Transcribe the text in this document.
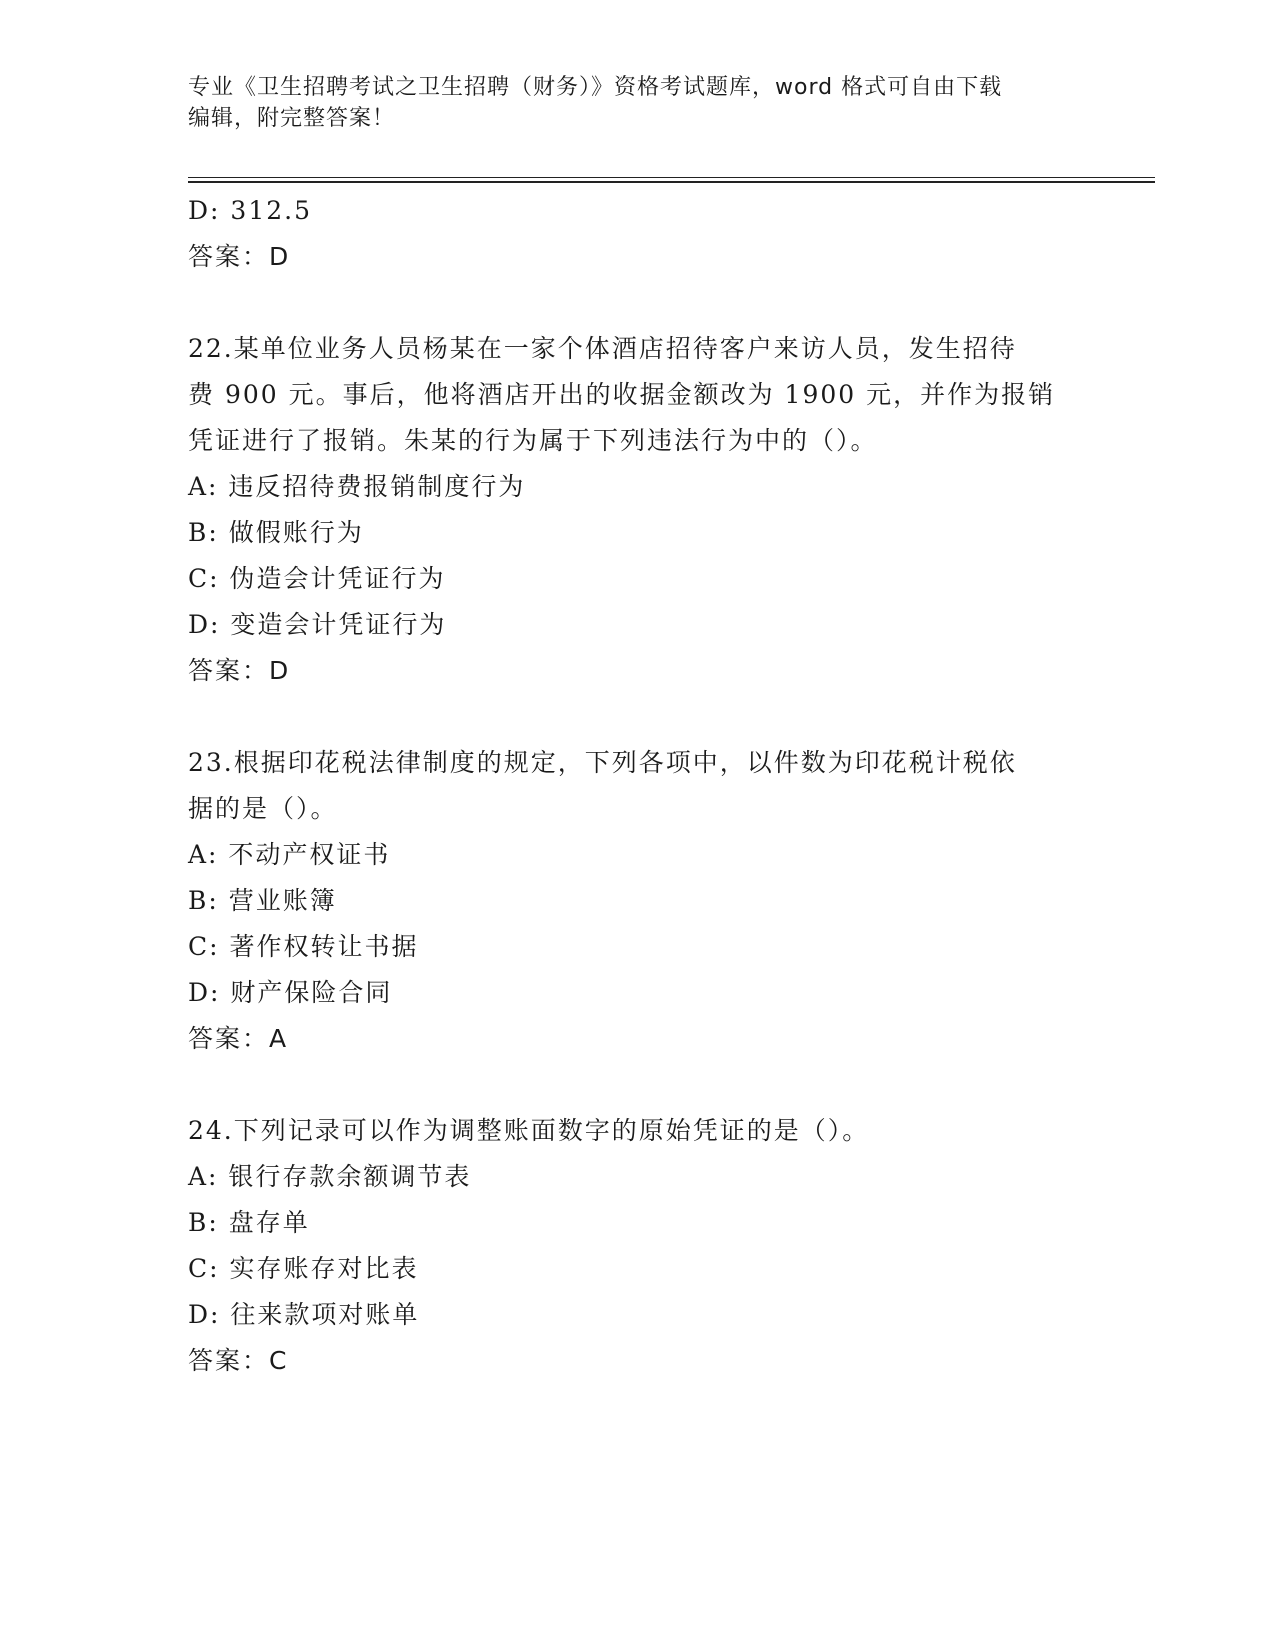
专业《卫生招聘考试之卫生招聘（财务）》资格考试题库，word 格式可自由下载
编辑，附完整答案！
D: 312.5
答案：D
22.某单位业务人员杨某在一家个体酒店招待客户来访人员，发生招待
费 900 元。事后，他将酒店开出的收据金额改为 1900 元，并作为报销
凭证进行了报销。朱某的行为属于下列违法行为中的（）。
A: 违反招待费报销制度行为
B: 做假账行为
C: 伪造会计凭证行为
D: 变造会计凭证行为
答案：D
23.根据印花税法律制度的规定，下列各项中，以件数为印花税计税依
据的是（）。
A: 不动产权证书
B: 营业账簿
C: 著作权转让书据
D: 财产保险合同
答案：A
24.下列记录可以作为调整账面数字的原始凭证的是（）。
A: 银行存款余额调节表
B: 盘存单
C: 实存账存对比表
D: 往来款项对账单
答案：C
